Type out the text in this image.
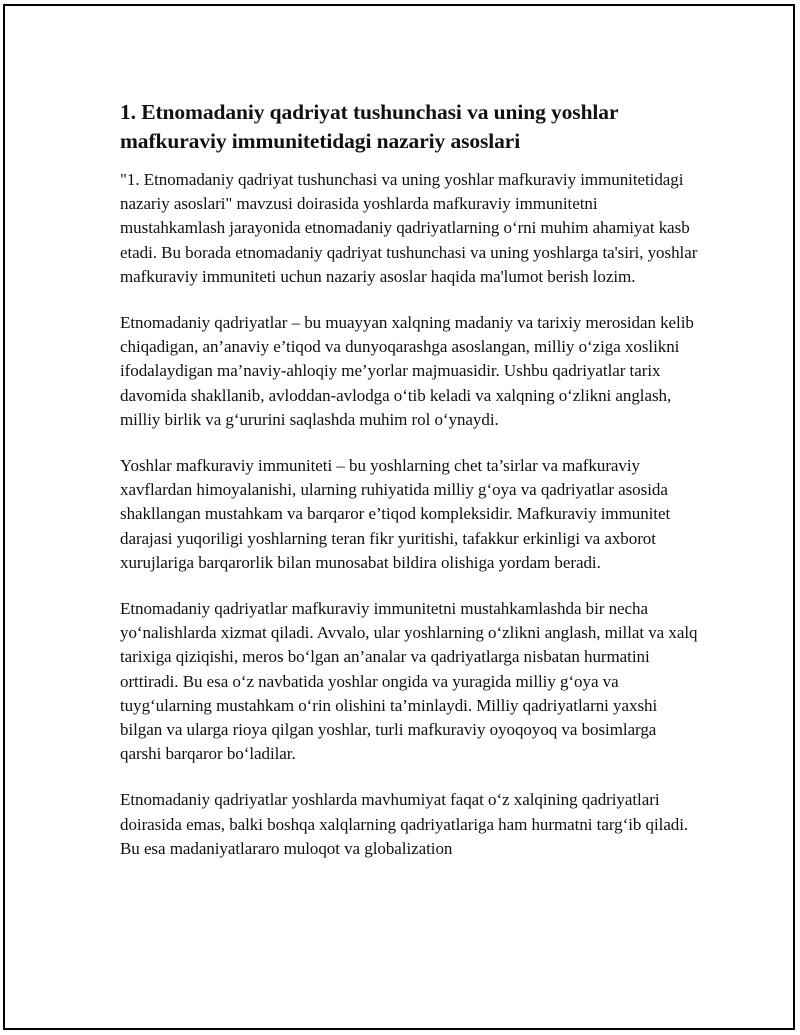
1. Etnomadaniy qadriyat tushunchasi va uning yoshlar mafkuraviy immunitetidagi nazariy asoslari

"1. Etnomadaniy qadriyat tushunchasi va uning yoshlar mafkuraviy immunitetidagi nazariy asoslari" mavzusi doirasida yoshlarda mafkuraviy immunitetni mustahkamlash jarayonida etnomadaniy qadriyatlarning oʻrni muhim ahamiyat kasb etadi. Bu borada etnomadaniy qadriyat tushunchasi va uning yoshlarga ta'siri, yoshlar mafkuraviy immuniteti uchun nazariy asoslar haqida ma'lumot berish lozim.

Etnomadaniy qadriyatlar – bu muayyan xalqning madaniy va tarixiy merosidan kelib chiqadigan, an’anaviy e’tiqod va dunyoqarashga asoslangan, milliy oʻziga xoslikni ifodalaydigan ma’naviy-ahloqiy me’yorlar majmuasidir. Ushbu qadriyatlar tarix davomida shakllanib, avloddan-avlodga oʻtib keladi va xalqning oʻzlikni anglash, milliy birlik va gʻururini saqlashda muhim rol oʻynaydi.

Yoshlar mafkuraviy immuniteti – bu yoshlarning chet ta’sirlar va mafkuraviy xavflardan himoyalanishi, ularning ruhiyatida milliy gʻoya va qadriyatlar asosida shakllangan mustahkam va barqaror e’tiqod kompleksidir. Mafkuraviy immunitet darajasi yuqoriligi yoshlarning teran fikr yuritishi, tafakkur erkinligi va axborot xurujlariga barqarorlik bilan munosabat bildira olishiga yordam beradi.

Etnomadaniy qadriyatlar mafkuraviy immunitetni mustahkamlashda bir necha yoʻnalishlarda xizmat qiladi. Avvalo, ular yoshlarning oʻzlikni anglash, millat va xalq tarixiga qiziqishi, meros boʻlgan an’analar va qadriyatlarga nisbatan hurmatini orttiradi. Bu esa oʻz navbatida yoshlar ongida va yuragida milliy gʻoya va tuygʻularning mustahkam oʻrin olishini ta’minlaydi. Milliy qadriyatlarni yaxshi bilgan va ularga rioya qilgan yoshlar, turli mafkuraviy oyoqoyoq va bosimlarga qarshi barqaror boʻladilar.

Etnomadaniy qadriyatlar yoshlarda mavhumiyat faqat oʻz xalqining qadriyatlari doirasida emas, balki boshqa xalqlarning qadriyatlariga ham hurmatni targʻib qiladi. Bu esa madaniyatlararo muloqot va globalization
